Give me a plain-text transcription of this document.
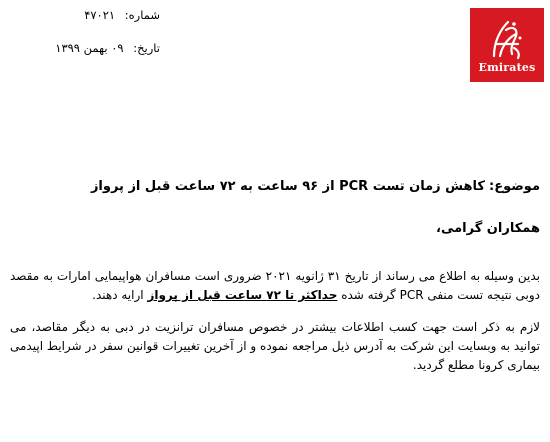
شماره: ۴۷۰۲۱
تاریخ: ۰۹ بهمن ۱۳۹۹
Emirates
موضوع:کاهش زمان تست PCR از ۹۶ ساعت به ۷۲ ساعت قبل از پرواز
همکاران گرامی،
بدین وسیله به اطلاع می رساند از تاریخ ۳۱ ژانویه ۲۰۲۱ ضروری است مسافران هواپیمایی امارات به مقصد دوبی نتیجه تست منفی PCR گرفته شده حداکثر تا ۷۲ ساعت قبل از پرواز ارایه دهند.
لازم به ذکر است جهت کسب اطلاعات بیشتر در خصوص مسافران ترانزیت در دبی به دیگر مقاصد، می توانید به وبسایت این شرکت به آدرس ذیل مراجعه نموده و از آخرین تغییرات قوانین سفر در شرایط اپیدمی بیماری کرونا مطلع گردید.
